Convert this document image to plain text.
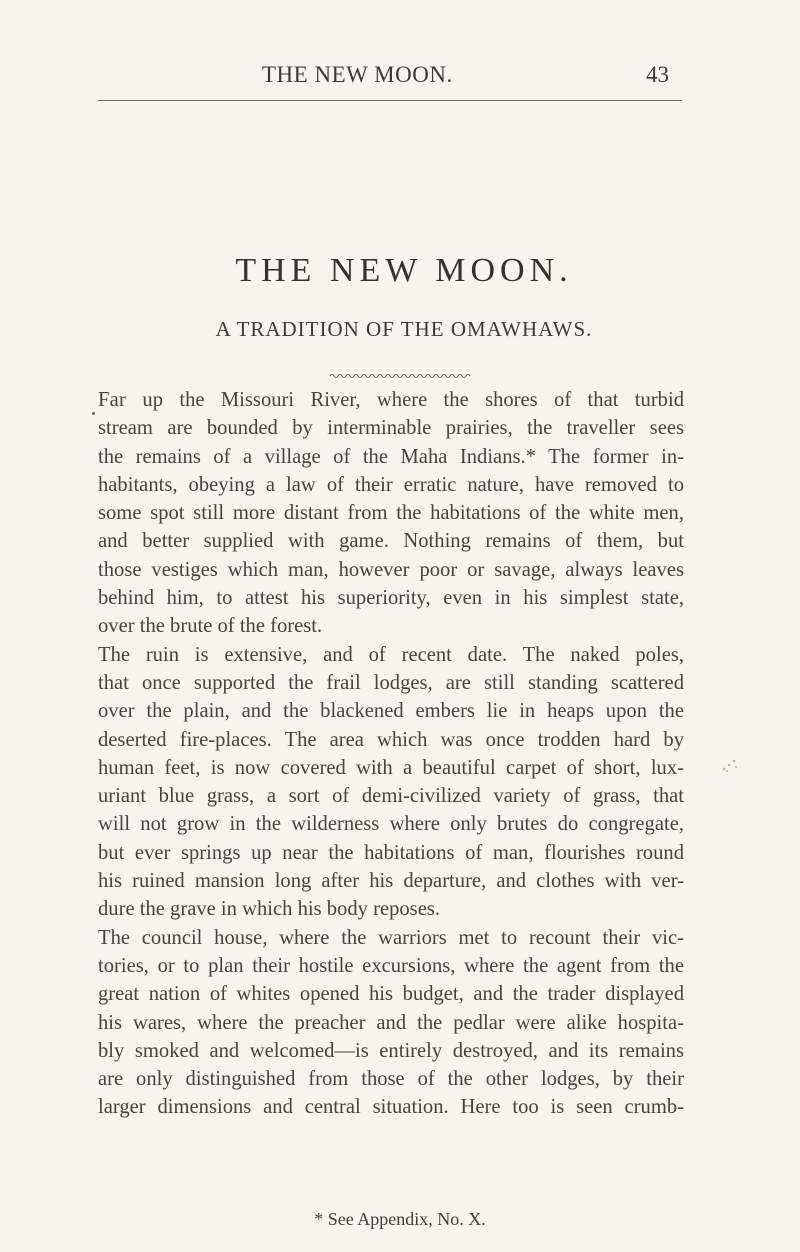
THE NEW MOON.	43
THE NEW MOON.
A TRADITION OF THE OMAWHAWS.
Far up the Missouri River, where the shores of that turbid
stream are bounded by interminable prairies, the traveller sees
the remains of a village of the Maha Indians.* The former in-
habitants, obeying a law of their erratic nature, have removed to
some spot still more distant from the habitations of the white men,
and better supplied with game. Nothing remains of them, but
those vestiges which man, however poor or savage, always leaves
behind him, to attest his superiority, even in his simplest state,
over the brute of the forest.
The ruin is extensive, and of recent date. The naked poles,
that once supported the frail lodges, are still standing scattered
over the plain, and the blackened embers lie in heaps upon the
deserted fire-places. The area which was once trodden hard by
human feet, is now covered with a beautiful carpet of short, lux-
uriant blue grass, a sort of demi-civilized variety of grass, that
will not grow in the wilderness where only brutes do congregate,
but ever springs up near the habitations of man, flourishes round
his ruined mansion long after his departure, and clothes with ver-
dure the grave in which his body reposes.
The council house, where the warriors met to recount their vic-
tories, or to plan their hostile excursions, where the agent from the
great nation of whites opened his budget, and the trader displayed
his wares, where the preacher and the pedlar were alike hospita-
bly smoked and welcomed—is entirely destroyed, and its remains
are only distinguished from those of the other lodges, by their
larger dimensions and central situation. Here too is seen crumb-
* See Appendix, No. X.
